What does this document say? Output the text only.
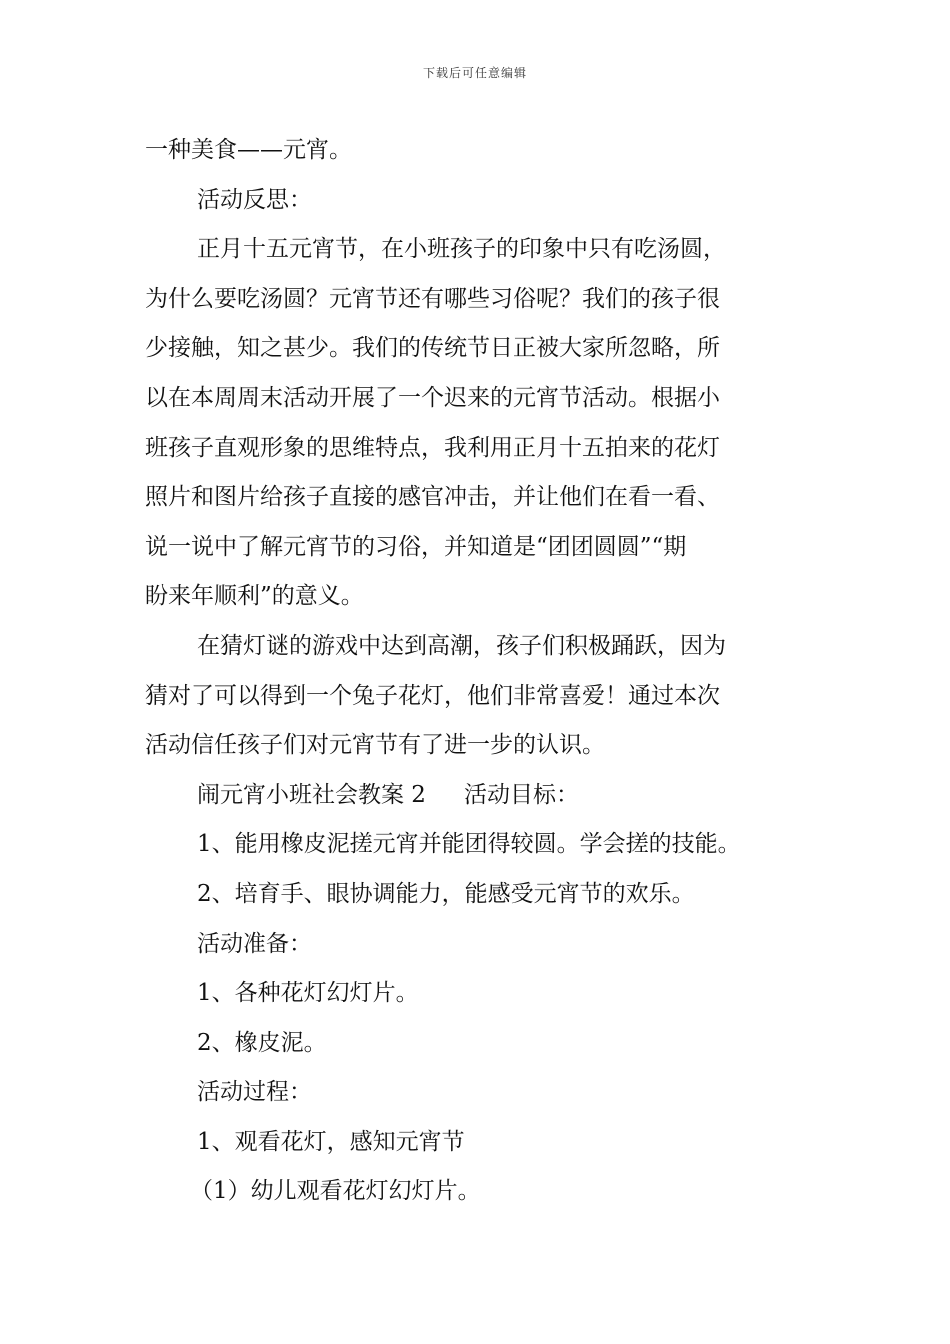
下载后可任意编辑
一种美食——元宵。
活动反思：
正月十五元宵节，在小班孩子的印象中只有吃汤圆，
为什么要吃汤圆？元宵节还有哪些习俗呢？我们的孩子很
少接触，知之甚少。我们的传统节日正被大家所忽略，所
以在本周周末活动开展了一个迟来的元宵节活动。根据小
班孩子直观形象的思维特点，我利用正月十五拍来的花灯
照片和图片给孩子直接的感官冲击，并让他们在看一看、
说一说中了解元宵节的习俗，并知道是“团团圆圆”“期
盼来年顺利”的意义。
在猜灯谜的游戏中达到高潮，孩子们积极踊跃，因为
猜对了可以得到一个兔子花灯，他们非常喜爱！通过本次
活动信任孩子们对元宵节有了进一步的认识。
闹元宵小班社会教案 2 活动目标：
1、能用橡皮泥搓元宵并能团得较圆。学会搓的技能。
2、培育手、眼协调能力，能感受元宵节的欢乐。
活动准备：
1、各种花灯幻灯片。
2、橡皮泥。
活动过程：
1、观看花灯，感知元宵节
（1）幼儿观看花灯幻灯片。
